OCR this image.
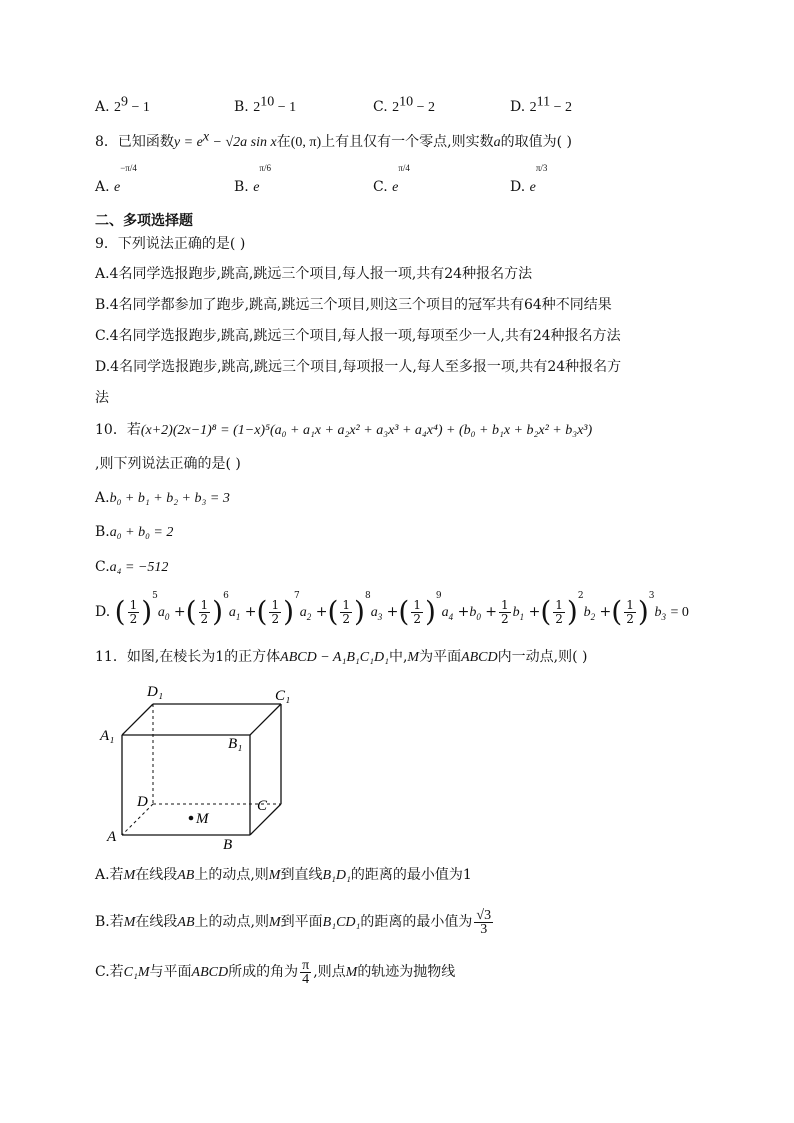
A. $2^9 - 1$	B. $2^{10} - 1$	C. $2^{10} - 2$	D. $2^{11} - 2$
8．已知函数$y = e^x - √2a$ sin x在(0, π)上有且仅有一个零点,则实数a的取值为( )
A. $e^{-\pi/4}$
B. $e^{\pi/6}$
C. $e^{\pi/4}$
D. $e^{\pi/3}$
二、多项选择题
9．下列说法正确的是( )
A.4名同学选报跑步,跳高,跳远三个项目,每人报一项,共有24种报名方法
B.4名同学都参加了跑步,跳高,跳远三个项目,则这三个项目的冠军共有64种不同结果
C.4名同学选报跑步,跳高,跳远三个项目,每人报一项,每项至少一人,共有24种报名方法
D.4名同学选报跑步,跳高,跳远三个项目,每项报一人,每人至多报一项,共有24种报名方
法
10．若(x+2)(2x−1)⁸ = (1−x)⁵(a₀ + a₁x + a₂x² + a₃x³ + a₄x⁴) + (b₀ + b₁x + b₂x² + b₃x³)
,则下列说法正确的是( )
A.b₀ + b₁ + b₂ + b₃ = 3
B.a₀ + b₀ = 2
C.a₄ = −512
D. ( $\frac{1}{2} )^5a_0$ +( $\frac{1}{2} )^6a_1$ +( $\frac{1}{2} )^7a_2$ +( $\frac{1}{2} )^8a_3$ +( $\frac{1}{2} )^9a_4 +b_0 + \frac{1}{2} b_1$ +( $\frac{1}{2} )^2b_2$ +( $\frac{1}{2} )^3b_3 = 0$
11．如图,在棱长为1的正方体ABCD − A₁B₁C₁D₁中,M为平面ABCD内一动点,则( )
D₁	C₁
A₁	B₁
D	C
M
A	B
A.若M在线段AB上的动点,则M到直线B₁D₁的距离的最小值为1
B.若M在线段AB上的动点,则M到平面B₁CD₁的距离的最小值为 $\frac{√3}{3}$
C.若C₁M与平面ABCD所成的角为 $\frac{\pi}{4}$ ,则点M的轨迹为抛物线
